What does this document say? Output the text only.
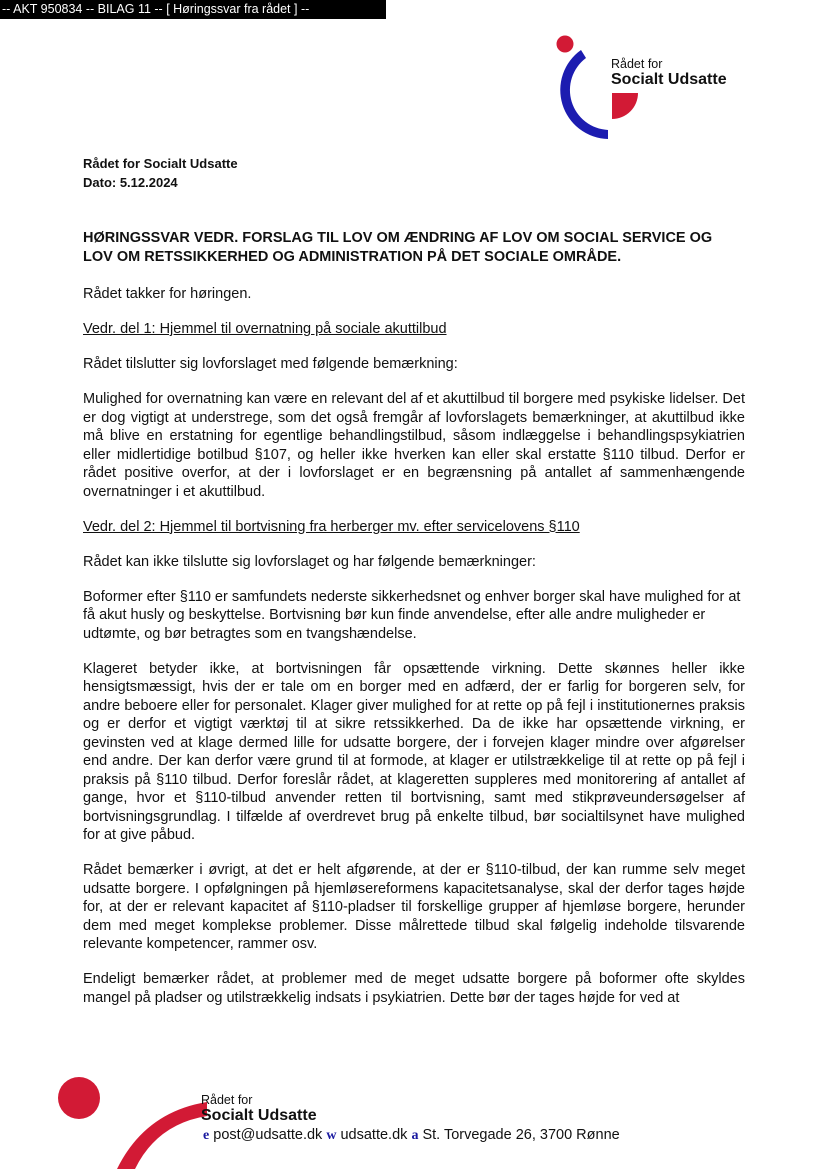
-- AKT 950834 -- BILAG 11 -- [ Høringssvar fra rådet ] --
Rådet for
Socialt Udsatte
Rådet for Socialt Udsatte
Dato: 5.12.2024
HØRINGSSVAR VEDR. FORSLAG TIL LOV OM ÆNDRING AF LOV OM SOCIAL SERVICE OG LOV OM RETSSIKKERHED OG ADMINISTRATION PÅ DET SOCIALE OMRÅDE.

Rådet takker for høringen.

Vedr. del 1: Hjemmel til overnatning på sociale akuttilbud

Rådet tilslutter sig lovforslaget med følgende bemærkning:

Mulighed for overnatning kan være en relevant del af et akuttilbud til borgere med psykiske lidelser. Det er dog vigtigt at understrege, som det også fremgår af lovforslagets bemærkninger, at akuttilbud ikke må blive en erstatning for egentlige behandlingstilbud, såsom indlæggelse i behandlingspsykiatrien eller midlertidige botilbud §107, og heller ikke hverken kan eller skal erstatte §110 tilbud. Derfor er rådet positive overfor, at der i lovforslaget er en begrænsning på antallet af sammenhængende overnatninger i et akuttilbud.

Vedr. del 2: Hjemmel til bortvisning fra herberger mv. efter servicelovens §110

Rådet kan ikke tilslutte sig lovforslaget og har følgende bemærkninger:

Boformer efter §110 er samfundets nederste sikkerhedsnet og enhver borger skal have mulighed for at få akut husly og beskyttelse. Bortvisning bør kun finde anvendelse, efter alle andre muligheder er udtømte, og bør betragtes som en tvangshændelse.

Klageret betyder ikke, at bortvisningen får opsættende virkning. Dette skønnes heller ikke hensigtsmæssigt, hvis der er tale om en borger med en adfærd, der er farlig for borgeren selv, for andre beboere eller for personalet. Klager giver mulighed for at rette op på fejl i institutionernes praksis og er derfor et vigtigt værktøj til at sikre retssikkerhed. Da de ikke har opsættende virkning, er gevinsten ved at klage dermed lille for udsatte borgere, der i forvejen klager mindre over afgørelser end andre. Der kan derfor være grund til at formode, at klager er utilstrækkelige til at rette op på fejl i praksis på §110 tilbud. Derfor foreslår rådet, at klageretten suppleres med monitorering af antallet af gange, hvor et §110-tilbud anvender retten til bortvisning, samt med stikprøveundersøgelser af bortvisningsgrundlag. I tilfælde af overdrevet brug på enkelte tilbud, bør socialtilsynet have mulighed for at give påbud.

Rådet bemærker i øvrigt, at det er helt afgørende, at der er §110-tilbud, der kan rumme selv meget udsatte borgere. I opfølgningen på hjemløsereformens kapacitetsanalyse, skal der derfor tages højde for, at der er relevant kapacitet af §110-pladser til forskellige grupper af hjemløse borgere, herunder dem med meget komplekse problemer. Disse målrettede tilbud skal følgelig indeholde tilsvarende relevante kompetencer, rammer osv.

Endeligt bemærker rådet, at problemer med de meget udsatte borgere på boformer ofte skyldes mangel på pladser og utilstrækkelig indsats i psykiatrien. Dette bør der tages højde for ved at

Rådet for
Socialt Udsatte
e post@udsatte.dk w udsatte.dk a St. Torvegade 26, 3700 Rønne
